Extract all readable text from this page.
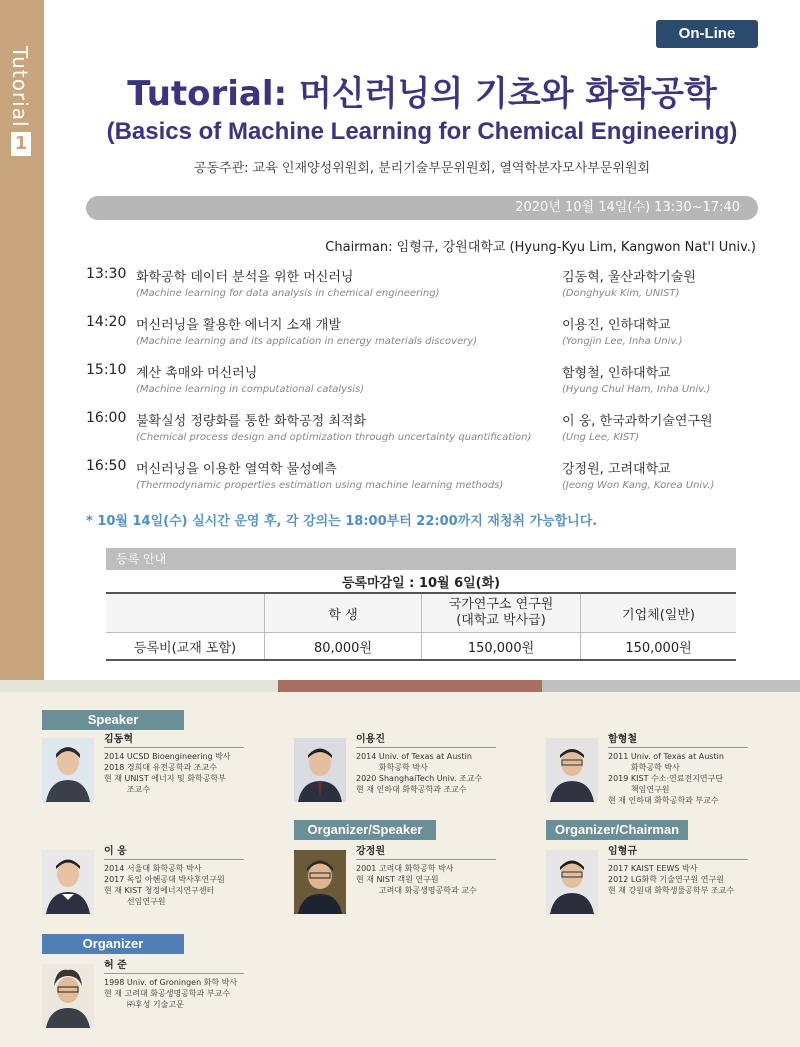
Tutorial
1
On-Line
Tutorial: 머신러닝의 기초와 화학공학
(Basics of Machine Learning for Chemical Engineering)
공동주관: 교육 인재양성위원회, 분리기술부문위원회, 열역학분자모사부문위원회
2020년 10월 14일(수) 13:30~17:40
Chairman: 임형규, 강원대학교 (Hyung-Kyu Lim, Kangwon Nat'l Univ.)
13:30 화학공학 데이터 분석을 위한 머신러닝
(Machine learning for data analysis in chemical engineering)
김동혁, 울산과학기술원
(Donghyuk Kim, UNIST)
14:20 머신러닝을 활용한 에너지 소재 개발
(Machine learning and its application in energy materials discovery)
이용진, 인하대학교
(Yongjin Lee, Inha Univ.)
15:10 계산 촉매와 머신러닝
(Machine learning in computational catalysis)
함형철, 인하대학교
(Hyung Chul Ham, Inha Univ.)
16:00 불확실성 정량화를 통한 화학공정 최적화
(Chemical process design and optimization through uncertainty quantification)
이 웅, 한국과학기술연구원
(Ung Lee, KIST)
16:50 머신러닝을 이용한 열역학 물성예측
(Thermodynamic properties estimation using machine learning methods)
강정원, 고려대학교
(Jeong Won Kang, Korea Univ.)
* 10월 14일(수) 실시간 운영 후, 각 강의는 18:00부터 22:00까지 재청취 가능합니다.
등록 안내
등록마감일 : 10월 6일(화)
	학 생	국가연구소 연구원
(대학교 박사급)	기업체(일반)
등록비(교재 포함)	80,000원	150,000원	150,000원
Speaker
Organizer/Speaker	Organizer/Chairman
Organizer
김동혁
2014 UCSD Bioengineering 박사
2018 경희대 유전공학과 조교수
현 재 UNIST 에너지 및 화학공학부
조교수
이용진
2014 Univ. of Texas at Austin
화학공학 박사
2020 ShanghaiTech Univ. 조교수
현 재 인하대 화학공학과 조교수
함형철
2011 Univ. of Texas at Austin
화학공학 박사
2019 KIST 수소·연료전지연구단
책임연구원
현 재 인하대 화학공학과 부교수
이 웅
2014 서울대 화학공학 박사
2017 독일 아헨공대 박사후연구원
현 재 KIST 청정에너지연구센터
선임연구원
강정원
2001 고려대 화학공학 박사
현 재 NIST 객원 연구원
고려대 화공생명공학과 교수
임형규
2017 KAIST EEWS 박사
2012 LG화학 기술연구원 연구원
현 재 강원대 화학생물공학부 조교수
허 준
1998 Univ. of Groningen 화학 박사
현 재 고려대 화공생명공학과 부교수
㈜후성 기술고문
